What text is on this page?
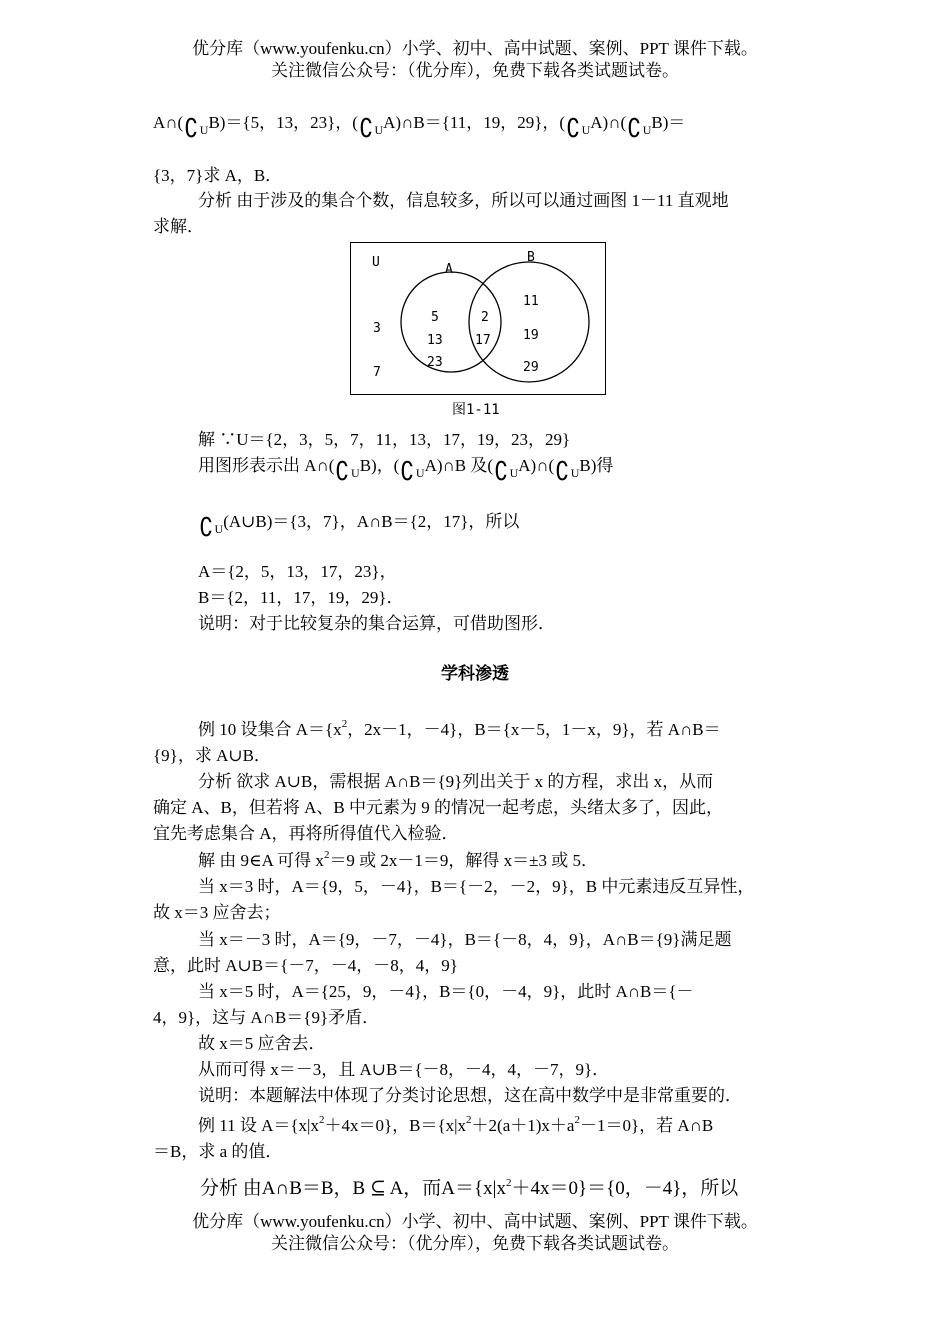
优分库（www.youfenku.cn）小学、初中、高中试题、案例、PPT 课件下载。
关注微信公众号：（优分库），免费下载各类试题试卷。
$A\cap(∁_UB)=\{5$，13，23}，$(∁_UA)\cap B=\{11$，19，29}，$(∁_UA)\cap(∁_UB)=$
{3，7}求 A，B．
分析 由于涉及的集合个数，信息较多，所以可以通过画图 1－11 直观地
求解．
U	A
B
3
7
5
13
23
2
17
11
19
29
图1-11
解 ∵U＝{2，3，5，7，11，13，17，19，23，29}
用图形表示出 $A\cap(∁_UB)$，$(∁_UA)\cap B$ 及$(∁_UA)\cap(∁_UB)$得
$∁_U(A\cup B)=\{3$，7}，A∩B＝{2，17}，所以
A＝{2，5，13，17，23}，
B＝{2，11，17，19，29}．
说明：对于比较复杂的集合运算，可借助图形．
学科渗透
例 10 设集合 $A=\{x^2$，2x－1，－4}，B＝{x－5，1－x，9}，若 A∩B＝
{9}，求 A∪B．
分析 欲求 A∪B，需根据 A∩B＝{9}列出关于 x 的方程，求出 x，从而
确定 A、B，但若将 A、B 中元素为 9 的情况一起考虑，头绪太多了，因此，
宜先考虑集合 A，再将所得值代入检验．
解 由 9∈A 可得 $x^2=9$ 或 2x－1＝9，解得 x＝±3 或 5．
当 x＝3 时，A＝{9，5，－4}，B＝{－2，－2，9}，B 中元素违反互异性，
故 x＝3 应舍去；
当 x＝－3 时，A＝{9，－7，－4}，B＝{－8，4，9}，A∩B＝{9}满足题
意，此时 A∪B＝{－7，－4，－8，4，9}
当 x＝5 时，A＝{25，9，－4}，B＝{0，－4，9}，此时 A∩B＝{－
4，9}，这与 A∩B＝{9}矛盾．
故 x＝5 应舍去．
从而可得 x＝－3，且 A∪B＝{－8，－4，4，－7，9}．
说明：本题解法中体现了分类讨论思想，这在高中数学中是非常重要的．
例 11 设 $A=\{x|x^2+4x=0\}$，$B=\{x|x^2+2(a+1)x+a^2-1=0\}$，若 A∩B
＝B，求 a 的值．
分析 由A∩B＝B，B ⊆ A，而$A=\{x|x^2+4x=0\}=\{0$，－4}，所以
优分库（www.youfenku.cn）小学、初中、高中试题、案例、PPT 课件下载。
关注微信公众号：（优分库），免费下载各类试题试卷。
